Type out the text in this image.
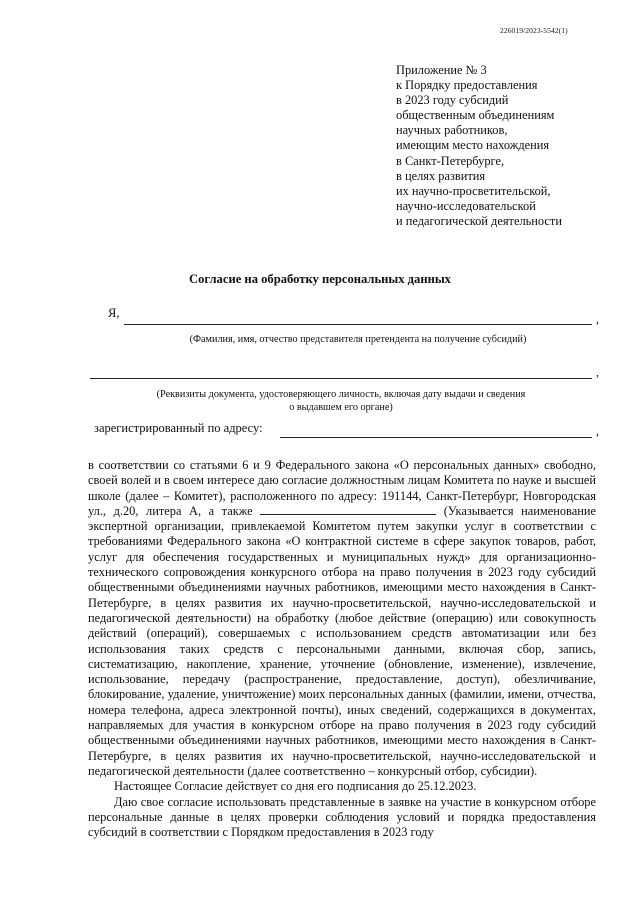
226019/2023-5542(1)
Приложение № 3
к Порядку предоставления
в 2023 году субсидий
общественным объединениям
научных работников,
имеющим место нахождения
в Санкт-Петербурге,
в целях развития
их научно-просветительской,
научно-исследовательской
и педагогической деятельности
Согласие на обработку персональных данных
Я,	,
(Фамилия, имя, отчество представителя претендента на получение субсидий)
,
(Реквизиты документа, удостоверяющего личность, включая дату выдачи и сведения
о выдавшем его органе)
зарегистрированный по адресу:	,

в соответствии со статьями 6 и 9 Федерального закона «О персональных данных» свободно, своей волей и в своем интересе даю согласие должностным лицам Комитета по науке и высшей школе (далее – Комитет), расположенного по адресу: 191144, Санкт-Петербург, Новгородская ул., д.20, литера А, а также	(Указывается наименование экспертной организации, привлекаемой Комитетом путем закупки услуг в соответствии с требованиями Федерального закона «О контрактной системе в сфере закупок товаров, работ, услуг для обеспечения государственных и муниципальных нужд» для организационно-технического сопровождения конкурсного отбора на право получения в 2023 году субсидий общественными объединениями научных работников, имеющими место нахождения в Санкт-Петербурге, в целях развития их научно-просветительской, научно-исследовательской и педагогической деятельности) на обработку (любое действие (операцию) или совокупность действий (операций), совершаемых с использованием средств автоматизации или без использования таких средств с персональными данными, включая сбор, запись, систематизацию, накопление, хранение, уточнение (обновление, изменение), извлечение, использование, передачу (распространение, предоставление, доступ), обезличивание, блокирование, удаление, уничтожение) моих персональных данных (фамилии, имени, отчества, номера телефона, адреса электронной почты), иных сведений, содержащихся в документах, направляемых для участия в конкурсном отборе на право получения в 2023 году субсидий общественными объединениями научных работников, имеющими место нахождения в Санкт-Петербурге, в целях развития их научно-просветительской, научно-исследовательской и педагогической деятельности (далее соответственно – конкурсный отбор, субсидии).

Настоящее Согласие действует со дня его подписания до 25.12.2023.

Даю свое согласие использовать представленные в заявке на участие в конкурсном отборе персональные данные в целях проверки соблюдения условий и порядка предоставления субсидий в соответствии с Порядком предоставления в 2023 году
